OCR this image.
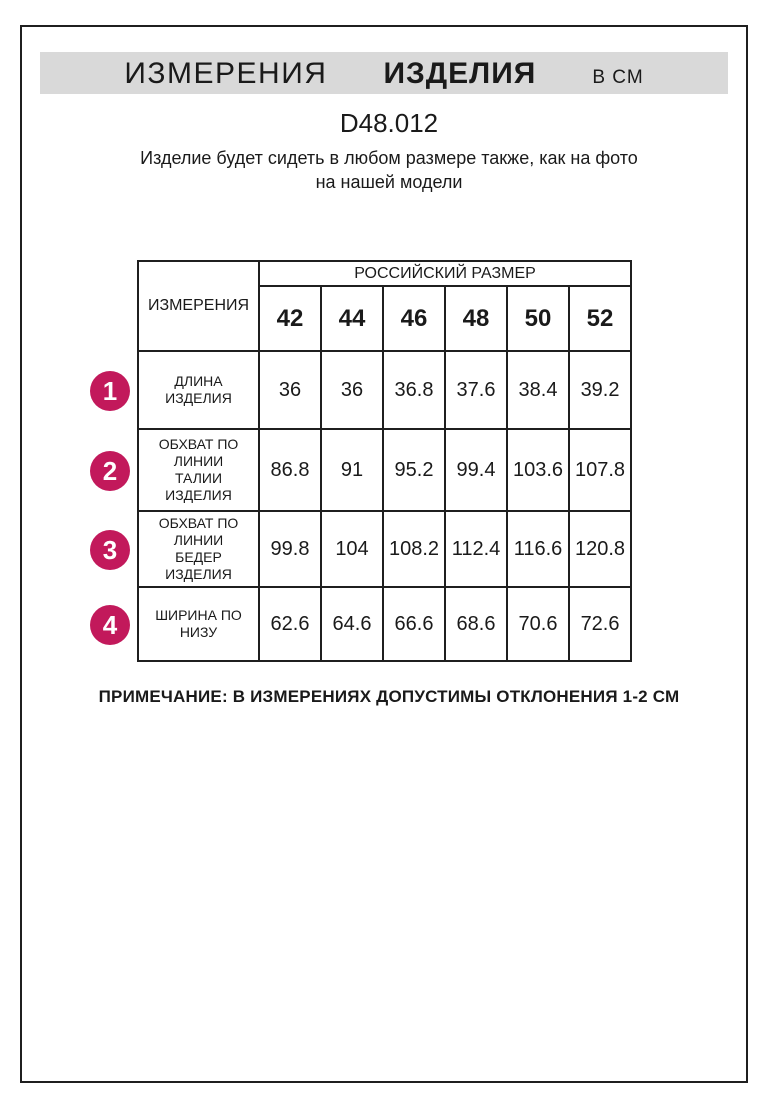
ИЗМЕРЕНИЯ ИЗДЕЛИЯ	В СМ
D48.012
Изделие будет сидеть в любом размере также, как на фото
на нашей модели
ИЗМЕРЕНИЯ	РОССИЙСКИЙ РАЗМЕР					
	42	44	46	48	50	52
ДЛИНА ИЗДЕЛИЯ	36	36	36.8	37.6	38.4	39.2
ОБХВАТ ПО ЛИНИИ ТАЛИИ ИЗДЕЛИЯ	86.8	91	95.2	99.4	103.6	107.8
ОБХВАТ ПО ЛИНИИ БЕДЕР ИЗДЕЛИЯ	99.8	104	108.2	112.4	116.6	120.8
ШИРИНА ПО НИЗУ	62.6	64.6	66.6	68.6	70.6	72.6
1
2
3
4
ПРИМЕЧАНИЕ: В ИЗМЕРЕНИЯХ ДОПУСТИМЫ ОТКЛОНЕНИЯ 1-2 СМ
